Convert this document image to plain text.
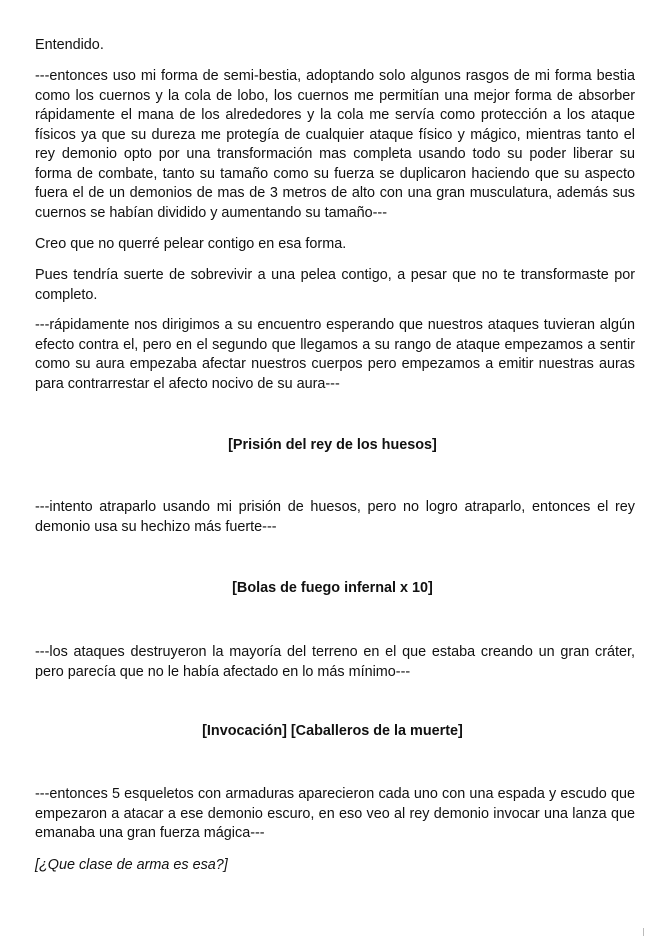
Entendido.

---entonces uso mi forma de semi-bestia, adoptando solo algunos rasgos de mi forma bestia como los cuernos y la cola de lobo, los cuernos me permitían una mejor forma de absorber rápidamente el mana de los alrededores y la cola me servía como protección a los ataque físicos ya que su dureza me protegía de cualquier ataque físico y mágico, mientras tanto el rey demonio opto por una transformación mas completa usando todo su poder liberar su forma de combate, tanto su tamaño como su fuerza se duplicaron haciendo que su aspecto fuera el de un demonios de mas de 3 metros de alto con una gran musculatura, además sus cuernos se habían dividido y aumentando su tamaño---

Creo que no querré pelear contigo en esa forma.

Pues tendría suerte de sobrevivir a una pelea contigo, a pesar que no te transformaste por completo.

---rápidamente nos dirigimos a su encuentro esperando que nuestros ataques tuvieran algún efecto contra el, pero en el segundo que llegamos a su rango de ataque empezamos a sentir como su aura empezaba afectar nuestros cuerpos pero empezamos a emitir nuestras auras para contrarrestar el afecto nocivo de su aura---

[Prisión del rey de los huesos]

---intento atraparlo usando mi prisión de huesos, pero no logro atraparlo, entonces el rey demonio usa su hechizo más fuerte---

[Bolas de fuego infernal x 10]

---los ataques destruyeron la mayoría del terreno en el que estaba creando un gran cráter, pero parecía que no le había afectado en lo más mínimo---

[Invocación] [Caballeros de la muerte]

---entonces 5 esqueletos con armaduras aparecieron cada uno con una espada y escudo que empezaron a atacar a ese demonio escuro, en eso veo al rey demonio invocar una lanza que emanaba una gran fuerza mágica---

[¿Que clase de arma es esa?]
